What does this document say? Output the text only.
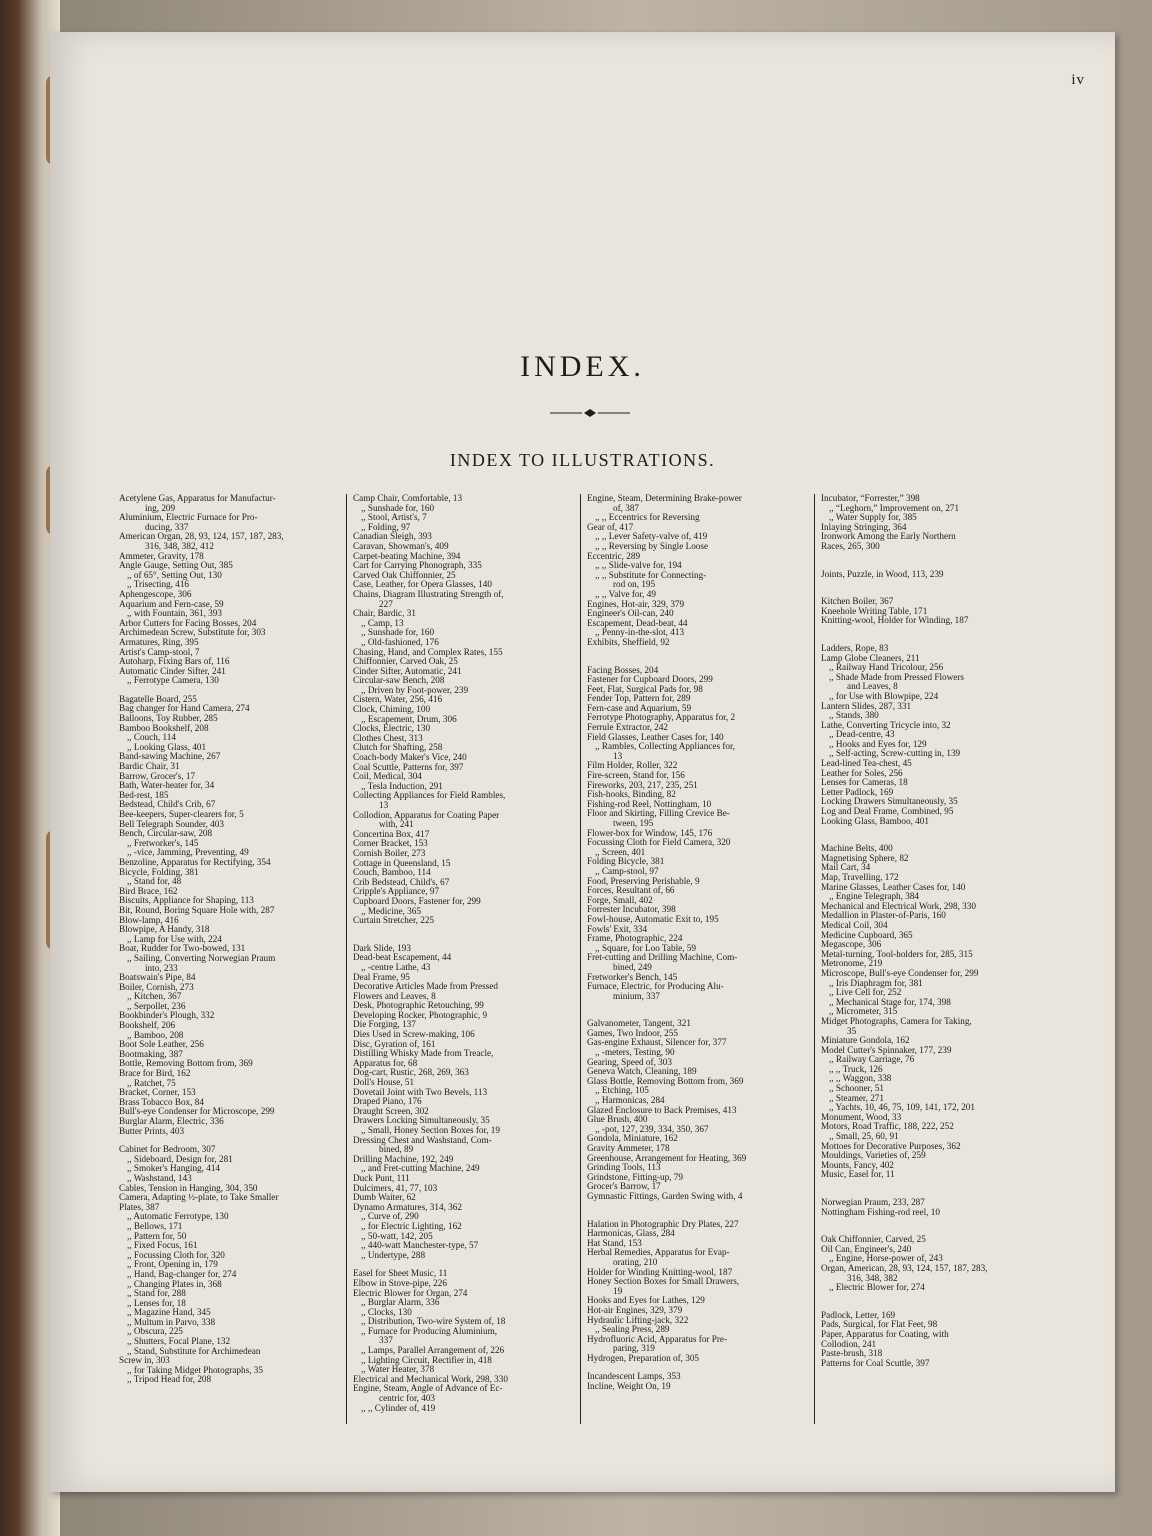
iv
INDEX.
INDEX TO ILLUSTRATIONS.

Acetylene Gas, Apparatus for Manufactur-

ing, 209

Aluminium, Electric Furnace for Pro-

ducing, 337

American Organ, 28, 93, 124, 157, 187, 283,

316, 348, 382, 412

Ammeter, Gravity, 178

Angle Gauge, Setting Out, 385

,, of 65°, Setting Out, 130

,, Trisecting, 416

Aphengescope, 306

Aquarium and Fern-case, 59

,, with Fountain, 361, 393

Arbor Cutters for Facing Bosses, 204

Archimedean Screw, Substitute for, 303

Armatures, Ring, 395

Artist's Camp-stool, 7

Autoharp, Fixing Bars of, 116

Automatic Cinder Sifter, 241

,, Ferrotype Camera, 130

Bagatelle Board, 255

Bag changer for Hand Camera, 274

Balloons, Toy Rubber, 285

Bamboo Bookshelf, 208

,, Couch, 114

,, Looking Glass, 401

Band-sawing Machine, 267

Bardic Chair, 31

Barrow, Grocer's, 17

Bath, Water-heater for, 34

Bed-rest, 185

Bedstead, Child's Crib, 67

Bee-keepers, Super-clearers for, 5

Bell Telegraph Sounder, 403

Bench, Circular-saw, 208

,, Fretworker's, 145

,, -vice, Jamming, Preventing, 49

Benzoline, Apparatus for Rectifying, 354

Bicycle, Folding, 381

,, Stand for, 48

Bird Brace, 162

Biscuits, Appliance for Shaping, 113

Bit, Round, Boring Square Hole with, 287

Blow-lamp, 416

Blowpipe, A Handy, 318

,, Lamp for Use with, 224

Boat, Rudder for Two-bowed, 131

,, Sailing, Converting Norwegian Praum

into, 233

Boatswain's Pipe, 84

Boiler, Cornish, 273

,, Kitchen, 367

,, Serpollet, 236

Bookbinder's Plough, 332

Bookshelf, 206

,, Bamboo, 208

Boot Sole Leather, 256

Bootmaking, 387

Bottle, Removing Bottom from, 369

Brace for Bird, 162

,, Ratchet, 75

Bracket, Corner, 153

Brass Tobacco Box, 84

Bull's-eye Condenser for Microscope, 299

Burglar Alarm, Electric, 336

Butter Prints, 403

Cabinet for Bedroom, 307

,, Sideboard, Design for, 281

,, Smoker's Hanging, 414

,, Washstand, 143

Cables, Tension in Hanging, 304, 350

Camera, Adapting ½-plate, to Take Smaller

Plates, 387

,, Automatic Ferrotype, 130

,, Bellows, 171

,, Pattern for, 50

,, Fixed Focus, 161

,, Focussing Cloth for, 320

,, Front, Opening in, 179

,, Hand, Bag-changer for, 274

,, Changing Plates in, 368

,, Stand for, 288

,, Lenses for, 18

,, Magazine Hand, 345

,, Multum in Parvo, 338

,, Obscura, 225

,, Shutters, Focal Plane, 132

,, Stand, Substitute for Archimedean

Screw in, 303

,, for Taking Midget Photographs, 35

,, Tripod Head for, 208

Camp Chair, Comfortable, 13

,, Sunshade for, 160

,, Stool, Artist's, 7

,, Folding, 97

Canadian Sleigh, 393

Caravan, Showman's, 409

Carpet-beating Machine, 394

Cart for Carrying Phonograph, 335

Carved Oak Chiffonnier, 25

Case, Leather, for Opera Glasses, 140

Chains, Diagram Illustrating Strength of,

227

Chair, Bardic, 31

,, Camp, 13

,, Sunshade for, 160

,, Old-fashioned, 176

Chasing, Hand, and Complex Rates, 155

Chiffonnier, Carved Oak, 25

Cinder Sifter, Automatic, 241

Circular-saw Bench, 208

,, Driven by Foot-power, 239

Cistern, Water, 256, 416

Clock, Chiming, 100

,, Escapement, Drum, 306

Clocks, Electric, 130

Clothes Chest, 313

Clutch for Shafting, 258

Coach-body Maker's Vice, 240

Coal Scuttle, Patterns for, 397

Coil, Medical, 304

,, Tesla Induction, 291

Collecting Appliances for Field Rambles,

13

Collodion, Apparatus for Coating Paper

with, 241

Concertina Box, 417

Corner Bracket, 153

Cornish Boiler, 273

Cottage in Queensland, 15

Couch, Bamboo, 114

Crib Bedstead, Child's, 67

Cripple's Appliance, 97

Cupboard Doors, Fastener for, 299

,, Medicine, 365

Curtain Stretcher, 225

Dark Slide, 193

Dead-beat Escapement, 44

,, -centre Lathe, 43

Deal Frame, 95

Decorative Articles Made from Pressed

Flowers and Leaves, 8

Desk, Photographic Retouching, 99

Developing Rocker, Photographic, 9

Die Forging, 137

Dies Used in Screw-making, 106

Disc, Gyration of, 161

Distilling Whisky Made from Treacle,

Apparatus for, 68

Dog-cart, Rustic, 268, 269, 363

Doll's House, 51

Dovetail Joint with Two Bevels, 113

Draped Piano, 176

Draught Screen, 302

Drawers Locking Simultaneously, 35

,, Small, Honey Section Boxes for, 19

Dressing Chest and Washstand, Com-

bined, 89

Drilling Machine, 192, 249

,, and Fret-cutting Machine, 249

Duck Punt, 111

Dulcimers, 41, 77, 103

Dumb Waiter, 62

Dynamo Armatures, 314, 362

,, Curve of, 290

,, for Electric Lighting, 162

,, 50-watt, 142, 205

,, 440-watt Manchester-type, 57

,, Undertype, 288

Easel for Sheet Music, 11

Elbow in Stove-pipe, 226

Electric Blower for Organ, 274

,, Burglar Alarm, 336

,, Clocks, 130

,, Distribution, Two-wire System of, 18

,, Furnace for Producing Aluminium,

337

,, Lamps, Parallel Arrangement of, 226

,, Lighting Circuit, Rectifier in, 418

,, Water Heater, 378

Electrical and Mechanical Work, 298, 330

Engine, Steam, Angle of Advance of Ec-

centric for, 403

,, ,, Cylinder of, 419

Engine, Steam, Determining Brake-power

of, 387

,, ,, Eccentrics for Reversing

Gear of, 417

,, ,, Lever Safety-valve of, 419

,, ,, Reversing by Single Loose

Eccentric, 289

,, ,, Slide-valve for, 194

,, ,, Substitute for Connecting-

rod on, 195

,, ,, Valve for, 49

Engines, Hot-air, 329, 379

Engineer's Oil-can, 240

Escapement, Dead-beat, 44

,, Penny-in-the-slot, 413

Exhibits, Sheffield, 92

Facing Bosses, 204

Fastener for Cupboard Doors, 299

Feet, Flat, Surgical Pads for, 98

Fender Top, Pattern for, 289

Fern-case and Aquarium, 59

Ferrotype Photography, Apparatus for, 2

Ferrule Extractor, 242

Field Glasses, Leather Cases for, 140

,, Rambles, Collecting Appliances for,

13

Film Holder, Roller, 322

Fire-screen, Stand for, 156

Fireworks, 203, 217, 235, 251

Fish-hooks, Binding, 82

Fishing-rod Reel, Nottingham, 10

Floor and Skirting, Filling Crevice Be-

tween, 195

Flower-box for Window, 145, 176

Focussing Cloth for Field Camera, 320

,, Screen, 401

Folding Bicycle, 381

,, Camp-stool, 97

Food, Preserving Perishable, 9

Forces, Resultant of, 66

Forge, Small, 402

Forrester Incubator, 398

Fowl-house, Automatic Exit to, 195

Fowls' Exit, 334

Frame, Photographic, 224

,, Square, for Loo Table, 59

Fret-cutting and Drilling Machine, Com-

bined, 249

Fretworker's Bench, 145

Furnace, Electric, for Producing Alu-

minium, 337

Galvanometer, Tangent, 321

Games, Two Indoor, 255

Gas-engine Exhaust, Silencer for, 377

,, -meters, Testing, 90

Gearing, Speed of, 303

Geneva Watch, Cleaning, 189

Glass Bottle, Removing Bottom from, 369

,, Etching, 105

,, Harmonicas, 284

Glazed Enclosure to Back Premises, 413

Glue Brush, 400

,, -pot, 127, 239, 334, 350, 367

Gondola, Miniature, 162

Gravity Ammeter, 178

Greenhouse, Arrangement for Heating, 369

Grinding Tools, 113

Grindstone, Fitting-up, 79

Grocer's Barrow, 17

Gymnastic Fittings, Garden Swing with, 4

Halation in Photographic Dry Plates, 227

Harmonicas, Glass, 284

Hat Stand, 153

Herbal Remedies, Apparatus for Evap-

orating, 210

Holder for Winding Knitting-wool, 187

Honey Section Boxes for Small Drawers,

19

Hooks and Eyes for Lathes, 129

Hot-air Engines, 329, 379

Hydraulic Lifting-jack, 322

,, Sealing Press, 289

Hydrofluoric Acid, Apparatus for Pre-

paring, 319

Hydrogen, Preparation of, 305

Incandescent Lamps, 353

Incline, Weight On, 19

Incubator, “Forrester,” 398

,, “Leghorn,” Improvement on, 271

,, Water Supply for, 385

Inlaying Stringing, 364

Ironwork Among the Early Northern

Races, 265, 300

Joints, Puzzle, in Wood, 113, 239

Kitchen Boiler, 367

Kneehole Writing Table, 171

Knitting-wool, Holder for Winding, 187

Ladders, Rope, 83

Lamp Globe Cleaners, 211

,, Railway Hand Tricolour, 256

,, Shade Made from Pressed Flowers

and Leaves, 8

,, for Use with Blowpipe, 224

Lantern Slides, 287, 331

,, Stands, 380

Lathe, Converting Tricycle into, 32

,, Dead-centre, 43

,, Hooks and Eyes for, 129

,, Self-acting, Screw-cutting in, 139

Lead-lined Tea-chest, 45

Leather for Soles, 256

Lenses for Cameras, 18

Letter Padlock, 169

Locking Drawers Simultaneously, 35

Log and Deal Frame, Combined, 95

Looking Glass, Bamboo, 401

Machine Belts, 400

Magnetising Sphere, 82

Mail Cart, 34

Map, Travelling, 172

Marine Glasses, Leather Cases for, 140

,, Engine Telegraph, 384

Mechanical and Electrical Work, 298, 330

Medallion in Plaster-of-Paris, 160

Medical Coil, 304

Medicine Cupboard, 365

Megascope, 306

Metal-turning, Tool-holders for, 285, 315

Metronome, 219

Microscope, Bull's-eye Condenser for, 299

,, Iris Diaphragm for, 381

,, Live Cell for, 252

,, Mechanical Stage for, 174, 398

,, Micrometer, 315

Midget Photographs, Camera for Taking,

35

Miniature Gondola, 162

Model Cutter's Spinnaker, 177, 239

,, Railway Carriage, 76

,, ,, Truck, 126

,, ,, Waggon, 338

,, Schooner, 51

,, Steamer, 271

,, Yachts, 10, 46, 75, 109, 141, 172, 201

Monument, Wood, 33

Motors, Road Traffic, 188, 222, 252

,, Small, 25, 60, 91

Mottoes for Decorative Purposes, 362

Mouldings, Varieties of, 259

Mounts, Fancy, 402

Music, Easel for, 11

Norwegian Praum, 233, 287

Nottingham Fishing-rod reel, 10

Oak Chiffonnier, Carved, 25

Oil Can, Engineer's, 240

,, Engine, Horse-power of, 243

Organ, American, 28, 93, 124, 157, 187, 283,

316, 348, 382

,, Electric Blower for, 274

Padlock, Letter, 169

Pads, Surgical, for Flat Feet, 98

Paper, Apparatus for Coating, with

Collodion, 241

Paste-brush, 318

Patterns for Coal Scuttle, 397
